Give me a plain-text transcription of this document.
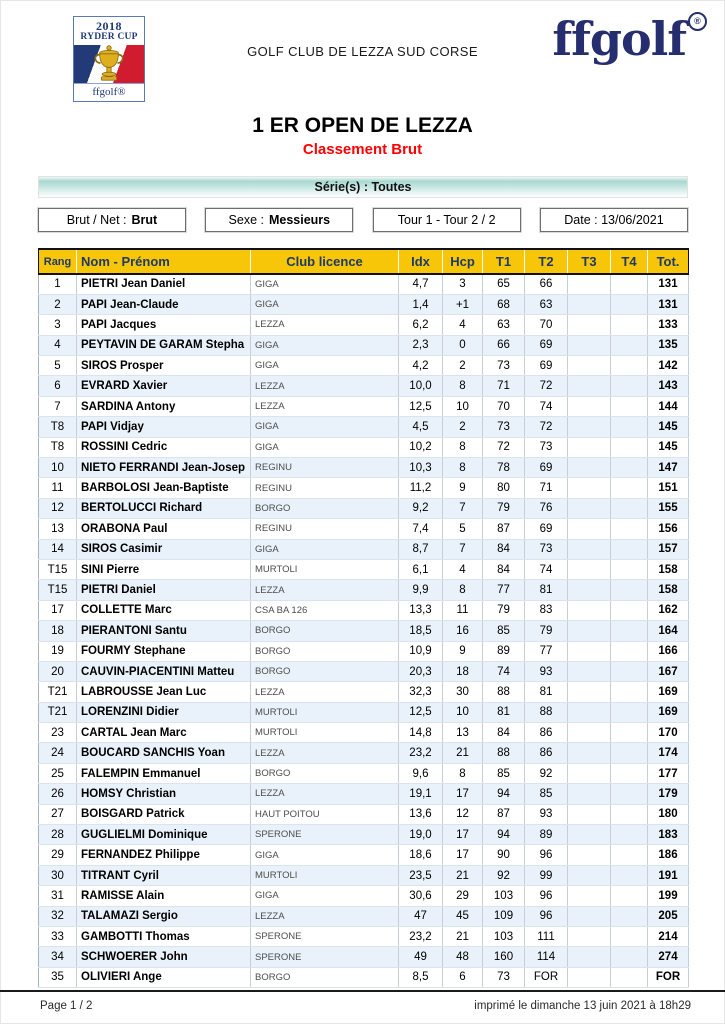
2018
RYDER CUP
ffgolf®
GOLF CLUB DE LEZZA SUD CORSE	ffgolf ®
1 ER OPEN DE LEZZA
Classement Brut
Série(s) : Toutes
Brut / Net : Brut	Sexe : Messieurs	Tour 1 - Tour 2 / 2	Date : 13/06/2021
Rang	Nom - Prénom	Club licence	Idx	Hcp	T1	T2	T3	T4	Tot.
1	PIETRI Jean Daniel	GIGA	4,7	3	65	66			131
2	PAPI Jean-Claude	GIGA	1,4	+1	68	63			131
3	PAPI Jacques	LEZZA	6,2	4	63	70			133
4	PEYTAVIN DE GARAM Stepha	GIGA	2,3	0	66	69			135
5	SIROS Prosper	GIGA	4,2	2	73	69			142
6	EVRARD Xavier	LEZZA	10,0	8	71	72			143
7	SARDINA Antony	LEZZA	12,5	10	70	74			144
T8	PAPI Vidjay	GIGA	4,5	2	73	72			145
T8	ROSSINI Cedric	GIGA	10,2	8	72	73			145
10	NIETO FERRANDI Jean-Josep	REGINU	10,3	8	78	69			147
11	BARBOLOSI Jean-Baptiste	REGINU	11,2	9	80	71			151
12	BERTOLUCCI Richard	BORGO	9,2	7	79	76			155
13	ORABONA Paul	REGINU	7,4	5	87	69			156
14	SIROS Casimir	GIGA	8,7	7	84	73			157
T15	SINI Pierre	MURTOLI	6,1	4	84	74			158
T15	PIETRI Daniel	LEZZA	9,9	8	77	81			158
17	COLLETTE Marc	CSA BA 126	13,3	11	79	83			162
18	PIERANTONI Santu	BORGO	18,5	16	85	79			164
19	FOURMY Stephane	BORGO	10,9	9	89	77			166
20	CAUVIN-PIACENTINI Matteu	BORGO	20,3	18	74	93			167
T21	LABROUSSE Jean Luc	LEZZA	32,3	30	88	81			169
T21	LORENZINI Didier	MURTOLI	12,5	10	81	88			169
23	CARTAL Jean Marc	MURTOLI	14,8	13	84	86			170
24	BOUCARD SANCHIS Yoan	LEZZA	23,2	21	88	86			174
25	FALEMPIN Emmanuel	BORGO	9,6	8	85	92			177
26	HOMSY Christian	LEZZA	19,1	17	94	85			179
27	BOISGARD Patrick	HAUT POITOU	13,6	12	87	93			180
28	GUGLIELMI Dominique	SPERONE	19,0	17	94	89			183
29	FERNANDEZ Philippe	GIGA	18,6	17	90	96			186
30	TITRANT Cyril	MURTOLI	23,5	21	92	99			191
31	RAMISSE Alain	GIGA	30,6	29	103	96			199
32	TALAMAZI Sergio	LEZZA	47	45	109	96			205
33	GAMBOTTI Thomas	SPERONE	23,2	21	103	111			214
34	SCHWOERER John	SPERONE	49	48	160	114			274
35	OLIVIERI Ange	BORGO	8,5	6	73	FOR			FOR
Page 1 / 2	imprimé le dimanche 13 juin 2021 à 18h29
